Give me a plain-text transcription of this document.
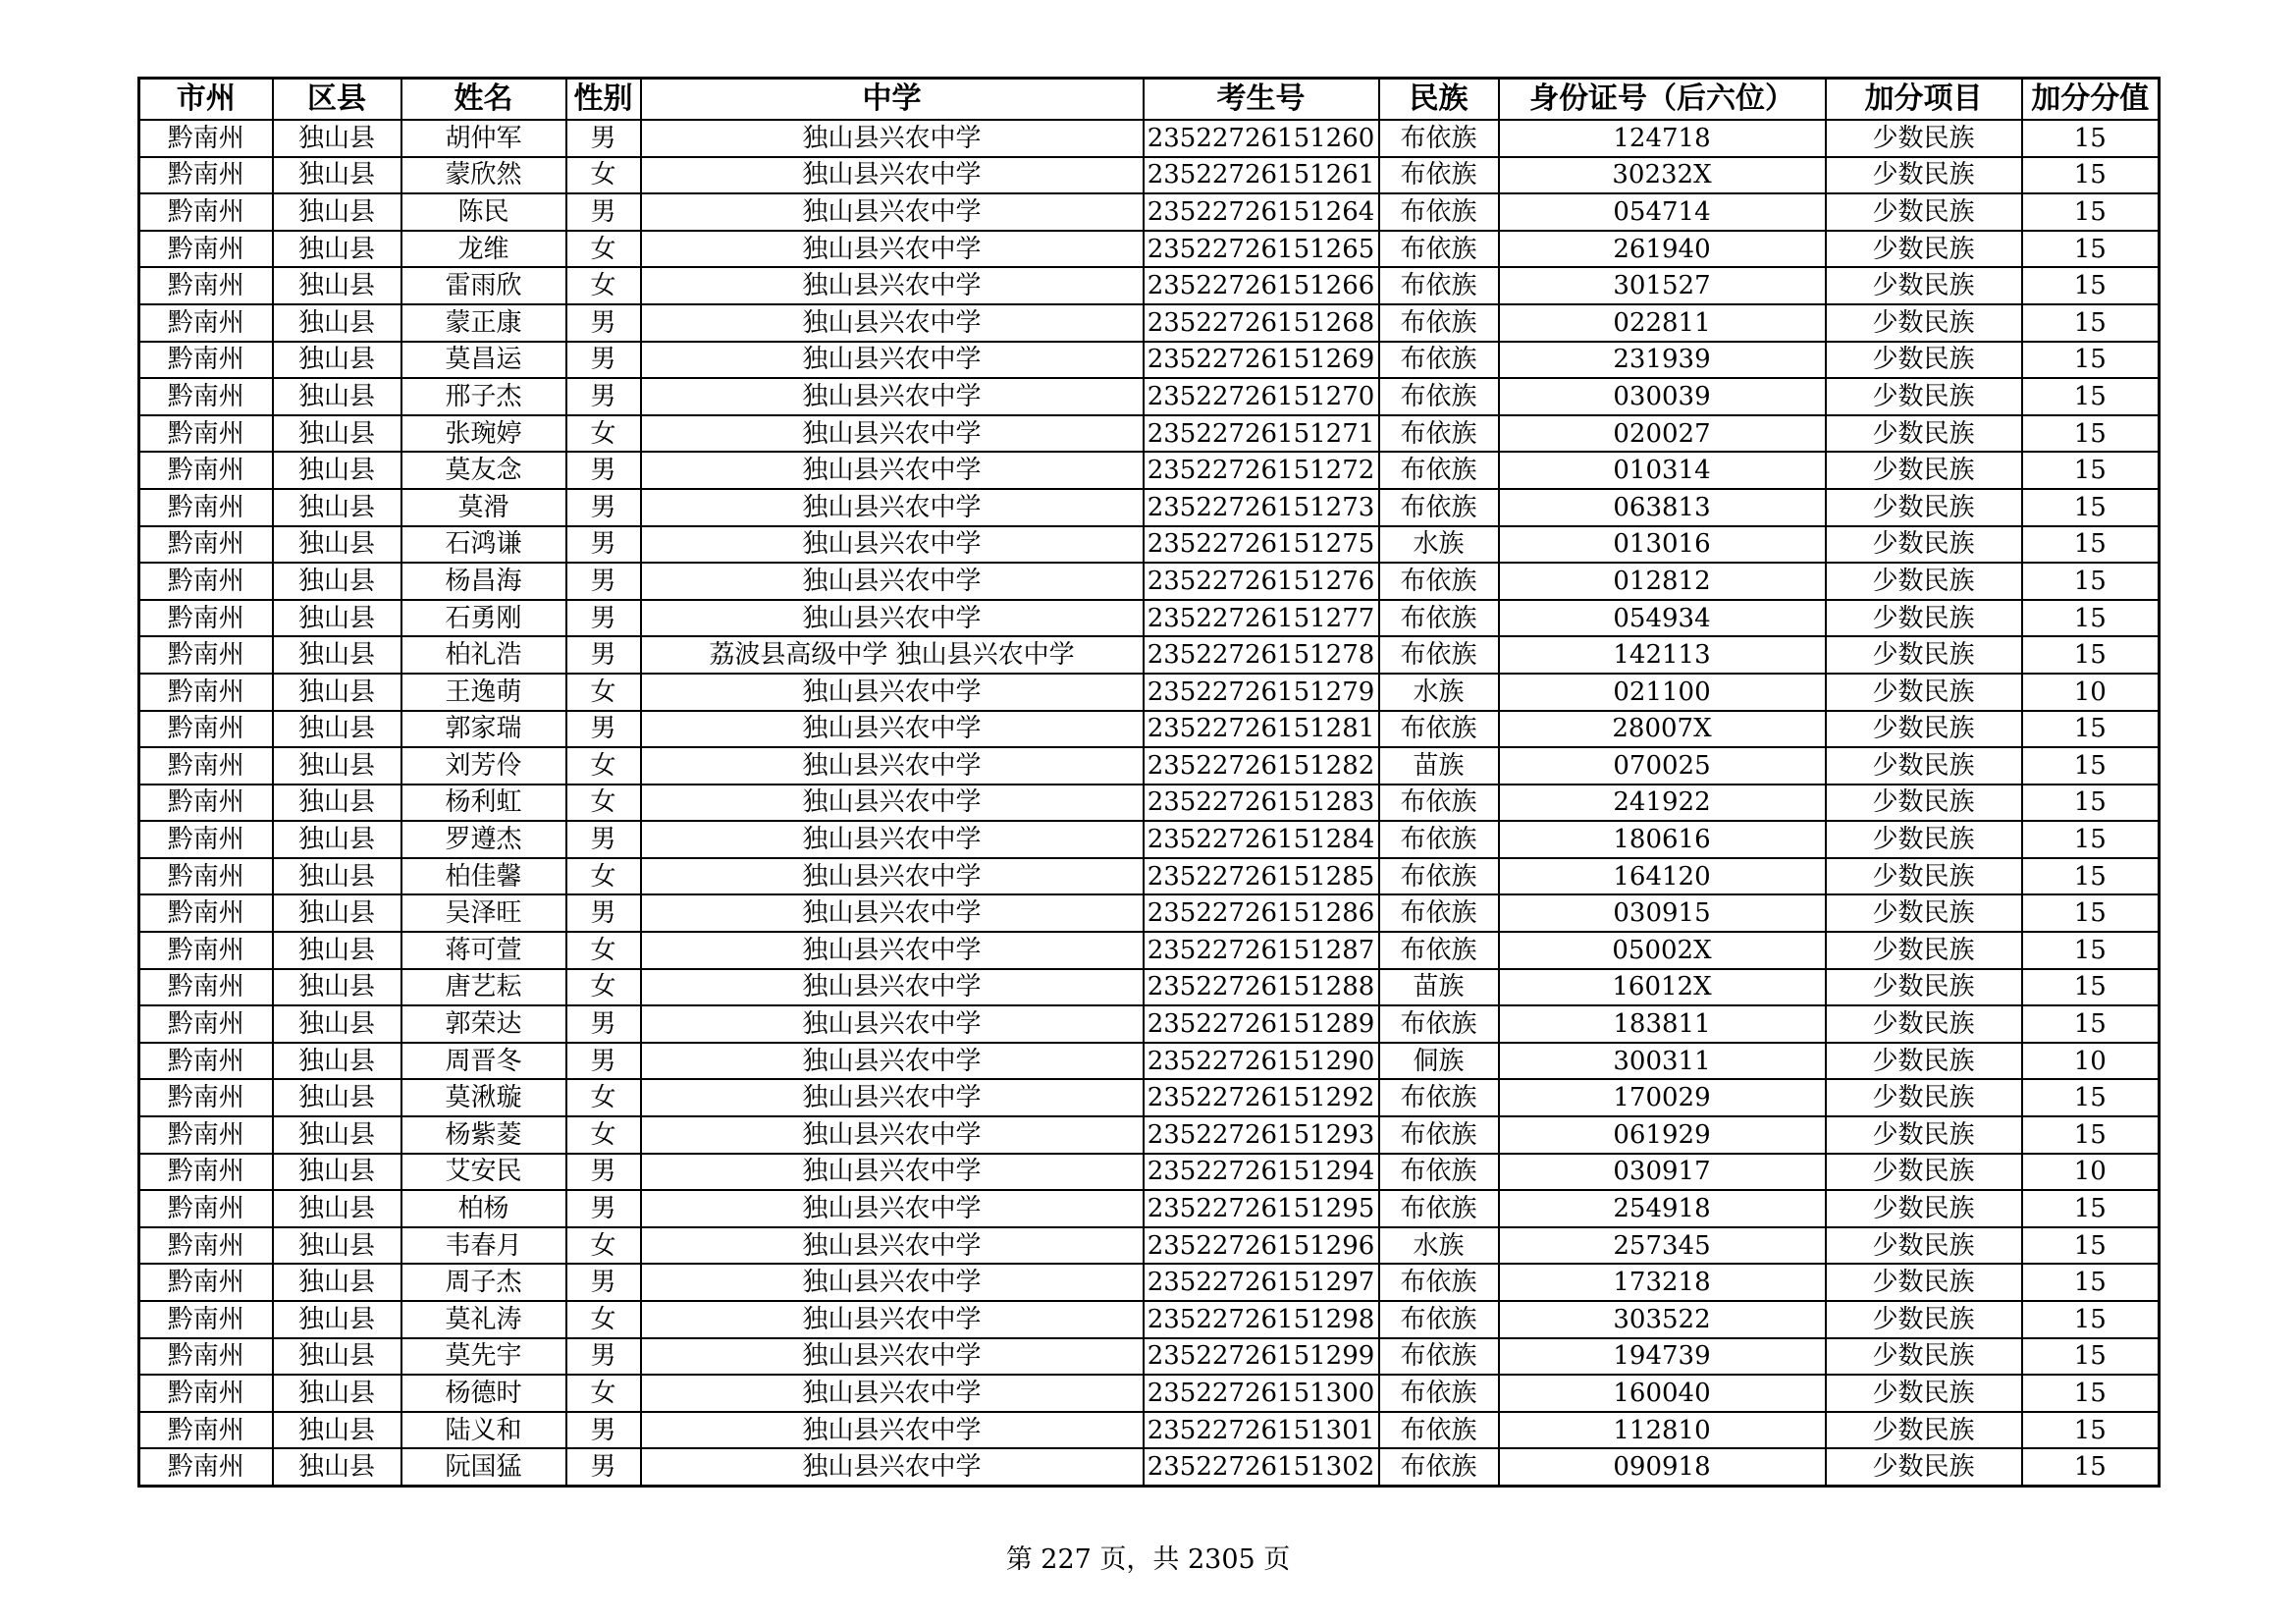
市州	区县	姓名	性别	中学	考生号	民族	身份证号（后六位）	加分项目	加分分值
黔南州	独山县	胡仲军	男	独山县兴农中学	23522726151260	布依族	124718	少数民族	15
黔南州	独山县	蒙欣然	女	独山县兴农中学	23522726151261	布依族	30232X	少数民族	15
黔南州	独山县	陈民	男	独山县兴农中学	23522726151264	布依族	054714	少数民族	15
黔南州	独山县	龙维	女	独山县兴农中学	23522726151265	布依族	261940	少数民族	15
黔南州	独山县	雷雨欣	女	独山县兴农中学	23522726151266	布依族	301527	少数民族	15
黔南州	独山县	蒙正康	男	独山县兴农中学	23522726151268	布依族	022811	少数民族	15
黔南州	独山县	莫昌运	男	独山县兴农中学	23522726151269	布依族	231939	少数民族	15
黔南州	独山县	邢子杰	男	独山县兴农中学	23522726151270	布依族	030039	少数民族	15
黔南州	独山县	张琬婷	女	独山县兴农中学	23522726151271	布依族	020027	少数民族	15
黔南州	独山县	莫友念	男	独山县兴农中学	23522726151272	布依族	010314	少数民族	15
黔南州	独山县	莫滑	男	独山县兴农中学	23522726151273	布依族	063813	少数民族	15
黔南州	独山县	石鸿谦	男	独山县兴农中学	23522726151275	水族	013016	少数民族	15
黔南州	独山县	杨昌海	男	独山县兴农中学	23522726151276	布依族	012812	少数民族	15
黔南州	独山县	石勇刚	男	独山县兴农中学	23522726151277	布依族	054934	少数民族	15
黔南州	独山县	柏礼浩	男	荔波县高级中学 独山县兴农中学	23522726151278	布依族	142113	少数民族	15
黔南州	独山县	王逸萌	女	独山县兴农中学	23522726151279	水族	021100	少数民族	10
黔南州	独山县	郭家瑞	男	独山县兴农中学	23522726151281	布依族	28007X	少数民族	15
黔南州	独山县	刘芳伶	女	独山县兴农中学	23522726151282	苗族	070025	少数民族	15
黔南州	独山县	杨利虹	女	独山县兴农中学	23522726151283	布依族	241922	少数民族	15
黔南州	独山县	罗遵杰	男	独山县兴农中学	23522726151284	布依族	180616	少数民族	15
黔南州	独山县	柏佳馨	女	独山县兴农中学	23522726151285	布依族	164120	少数民族	15
黔南州	独山县	吴泽旺	男	独山县兴农中学	23522726151286	布依族	030915	少数民族	15
黔南州	独山县	蒋可萱	女	独山县兴农中学	23522726151287	布依族	05002X	少数民族	15
黔南州	独山县	唐艺耘	女	独山县兴农中学	23522726151288	苗族	16012X	少数民族	15
黔南州	独山县	郭荣达	男	独山县兴农中学	23522726151289	布依族	183811	少数民族	15
黔南州	独山县	周晋冬	男	独山县兴农中学	23522726151290	侗族	300311	少数民族	10
黔南州	独山县	莫湫璇	女	独山县兴农中学	23522726151292	布依族	170029	少数民族	15
黔南州	独山县	杨紫菱	女	独山县兴农中学	23522726151293	布依族	061929	少数民族	15
黔南州	独山县	艾安民	男	独山县兴农中学	23522726151294	布依族	030917	少数民族	10
黔南州	独山县	柏杨	男	独山县兴农中学	23522726151295	布依族	254918	少数民族	15
黔南州	独山县	韦春月	女	独山县兴农中学	23522726151296	水族	257345	少数民族	15
黔南州	独山县	周子杰	男	独山县兴农中学	23522726151297	布依族	173218	少数民族	15
黔南州	独山县	莫礼涛	女	独山县兴农中学	23522726151298	布依族	303522	少数民族	15
黔南州	独山县	莫先宇	男	独山县兴农中学	23522726151299	布依族	194739	少数民族	15
黔南州	独山县	杨德时	女	独山县兴农中学	23522726151300	布依族	160040	少数民族	15
黔南州	独山县	陆义和	男	独山县兴农中学	23522726151301	布依族	112810	少数民族	15
黔南州	独山县	阮国猛	男	独山县兴农中学	23522726151302	布依族	090918	少数民族	15
第 227 页，共 2305 页
